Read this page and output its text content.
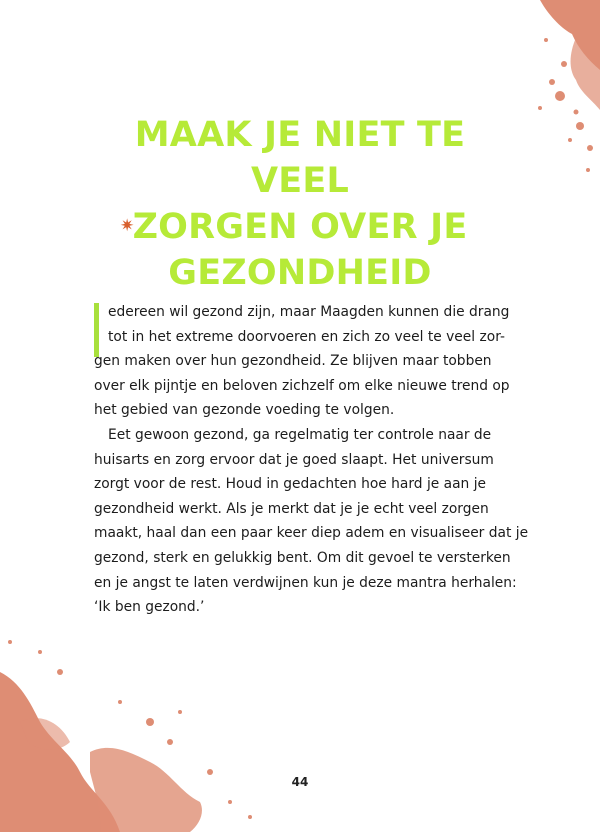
MAAK JE NIET TE VEEL
ZORGEN OVER JE
GEZONDHEID
✷
edereen wil gezond zijn, maar Maagden kunnen die drang
tot in het extreme doorvoeren en zich zo veel te veel zor-
gen maken over hun gezondheid. Ze blijven maar tobben
over elk pijntje en beloven zichzelf om elke nieuwe trend op
het gebied van gezonde voeding te volgen.
Eet gewoon gezond, ga regelmatig ter controle naar de
huisarts en zorg ervoor dat je goed slaapt. Het universum
zorgt voor de rest. Houd in gedachten hoe hard je aan je
gezondheid werkt. Als je merkt dat je je echt veel zorgen
maakt, haal dan een paar keer diep adem en visualiseer dat je
gezond, sterk en gelukkig bent. Om dit gevoel te versterken
en je angst te laten verdwijnen kun je deze mantra herhalen:
‘Ik ben gezond.’
44
